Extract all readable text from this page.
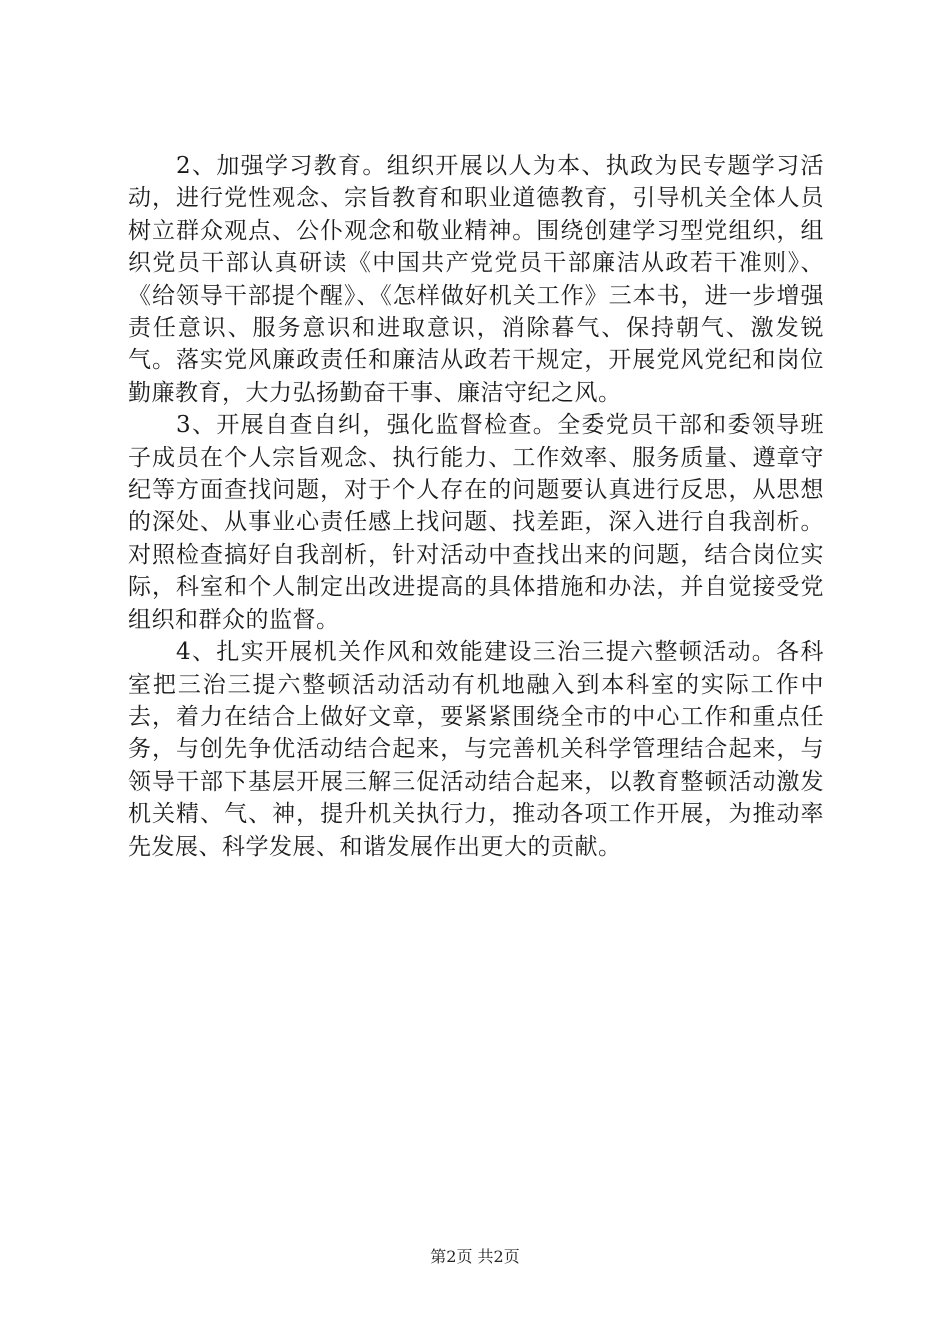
2、加强学习教育。组织开展以人为本、执政为民专题学习活动，进行党性观念、宗旨教育和职业道德教育，引导机关全体人员树立群众观点、公仆观念和敬业精神。围绕创建学习型党组织，组织党员干部认真研读《中国共产党党员干部廉洁从政若干准则》、《给领导干部提个醒》、《怎样做好机关工作》三本书，进一步增强责任意识、服务意识和进取意识，消除暮气、保持朝气、激发锐气。落实党风廉政责任和廉洁从政若干规定，开展党风党纪和岗位勤廉教育，大力弘扬勤奋干事、廉洁守纪之风。

3、开展自查自纠，强化监督检查。全委党员干部和委领导班子成员在个人宗旨观念、执行能力、工作效率、服务质量、遵章守纪等方面查找问题，对于个人存在的问题要认真进行反思，从思想的深处、从事业心责任感上找问题、找差距，深入进行自我剖析。对照检查搞好自我剖析，针对活动中查找出来的问题，结合岗位实际，科室和个人制定出改进提高的具体措施和办法，并自觉接受党组织和群众的监督。

4、扎实开展机关作风和效能建设三治三提六整顿活动。各科室把三治三提六整顿活动活动有机地融入到本科室的实际工作中去，着力在结合上做好文章，要紧紧围绕全市的中心工作和重点任务，与创先争优活动结合起来，与完善机关科学管理结合起来，与领导干部下基层开展三解三促活动结合起来，以教育整顿活动激发机关精、气、神，提升机关执行力，推动各项工作开展，为推动率先发展、科学发展、和谐发展作出更大的贡献。

第2页 共2页
